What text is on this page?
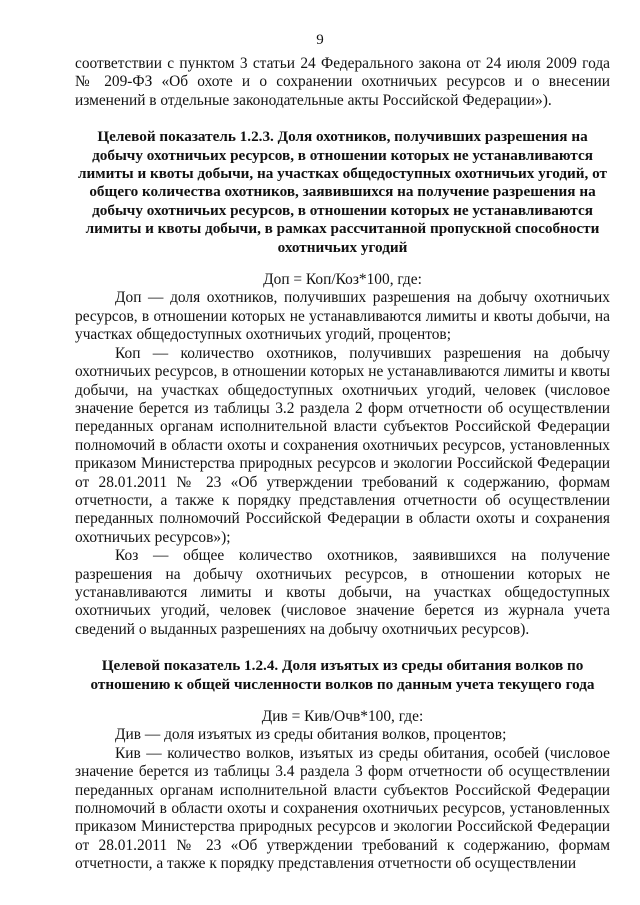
9

соответствии с пунктом 3 статьи 24 Федерального закона от 24 июля 2009 года № 209-ФЗ «Об охоте и о сохранении охотничьих ресурсов и о внесении изменений в отдельные законодательные акты Российской Федерации»).

Целевой показатель 1.2.3. Доля охотников, получивших разрешения на добычу охотничьих ресурсов, в отношении которых не устанавливаются лимиты и квоты добычи, на участках общедоступных охотничьих угодий, от общего количества охотников, заявившихся на получение разрешения на добычу охотничьих ресурсов, в отношении которых не устанавливаются лимиты и квоты добычи, в рамках рассчитанной пропускной способности охотничьих угодий

Доп = Коп/Коз*100, где:

Доп — доля охотников, получивших разрешения на добычу охотничьих ресурсов, в отношении которых не устанавливаются лимиты и квоты добычи, на участках общедоступных охотничьих угодий, процентов;

Коп — количество охотников, получивших разрешения на добычу охотничьих ресурсов, в отношении которых не устанавливаются лимиты и квоты добычи, на участках общедоступных охотничьих угодий, человек (числовое значение берется из таблицы 3.2 раздела 2 форм отчетности об осуществлении переданных органам исполнительной власти субъектов Российской Федерации полномочий в области охоты и сохранения охотничьих ресурсов, установленных приказом Министерства природных ресурсов и экологии Российской Федерации от 28.01.2011 № 23 «Об утверждении требований к содержанию, формам отчетности, а также к порядку представления отчетности об осуществлении переданных полномочий Российской Федерации в области охоты и сохранения охотничьих ресурсов»);

Коз — общее количество охотников, заявившихся на получение разрешения на добычу охотничьих ресурсов, в отношении которых не устанавливаются лимиты и квоты добычи, на участках общедоступных охотничьих угодий, человек (числовое значение берется из журнала учета сведений о выданных разрешениях на добычу охотничьих ресурсов).

Целевой показатель 1.2.4. Доля изъятых из среды обитания волков по отношению к общей численности волков по данным учета текущего года

Див = Кив/Очв*100, где:

Див — доля изъятых из среды обитания волков, процентов;

Кив — количество волков, изъятых из среды обитания, особей (числовое значение берется из таблицы 3.4 раздела 3 форм отчетности об осуществлении переданных органам исполнительной власти субъектов Российской Федерации полномочий в области охоты и сохранения охотничьих ресурсов, установленных приказом Министерства природных ресурсов и экологии Российской Федерации от 28.01.2011 № 23 «Об утверждении требований к содержанию, формам отчетности, а также к порядку представления отчетности об осуществлении
